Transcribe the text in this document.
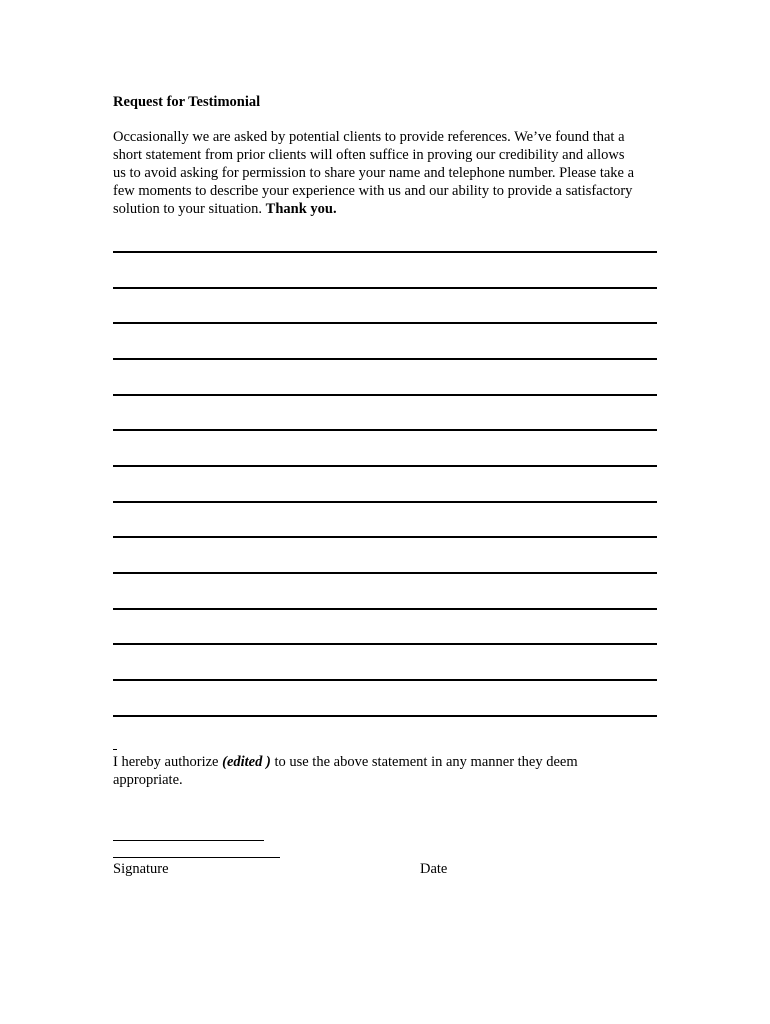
Request for Testimonial
Occasionally we are asked by potential clients to provide references. We’ve found that a
short statement from prior clients will often suffice in proving our credibility and allows
us to avoid asking for permission to share your name and telephone number. Please take a
few moments to describe your experience with us and our ability to provide a satisfactory
solution to your situation. Thank you.
I hereby authorize (edited ) to use the above statement in any manner they deem
appropriate.
Signature	Date
